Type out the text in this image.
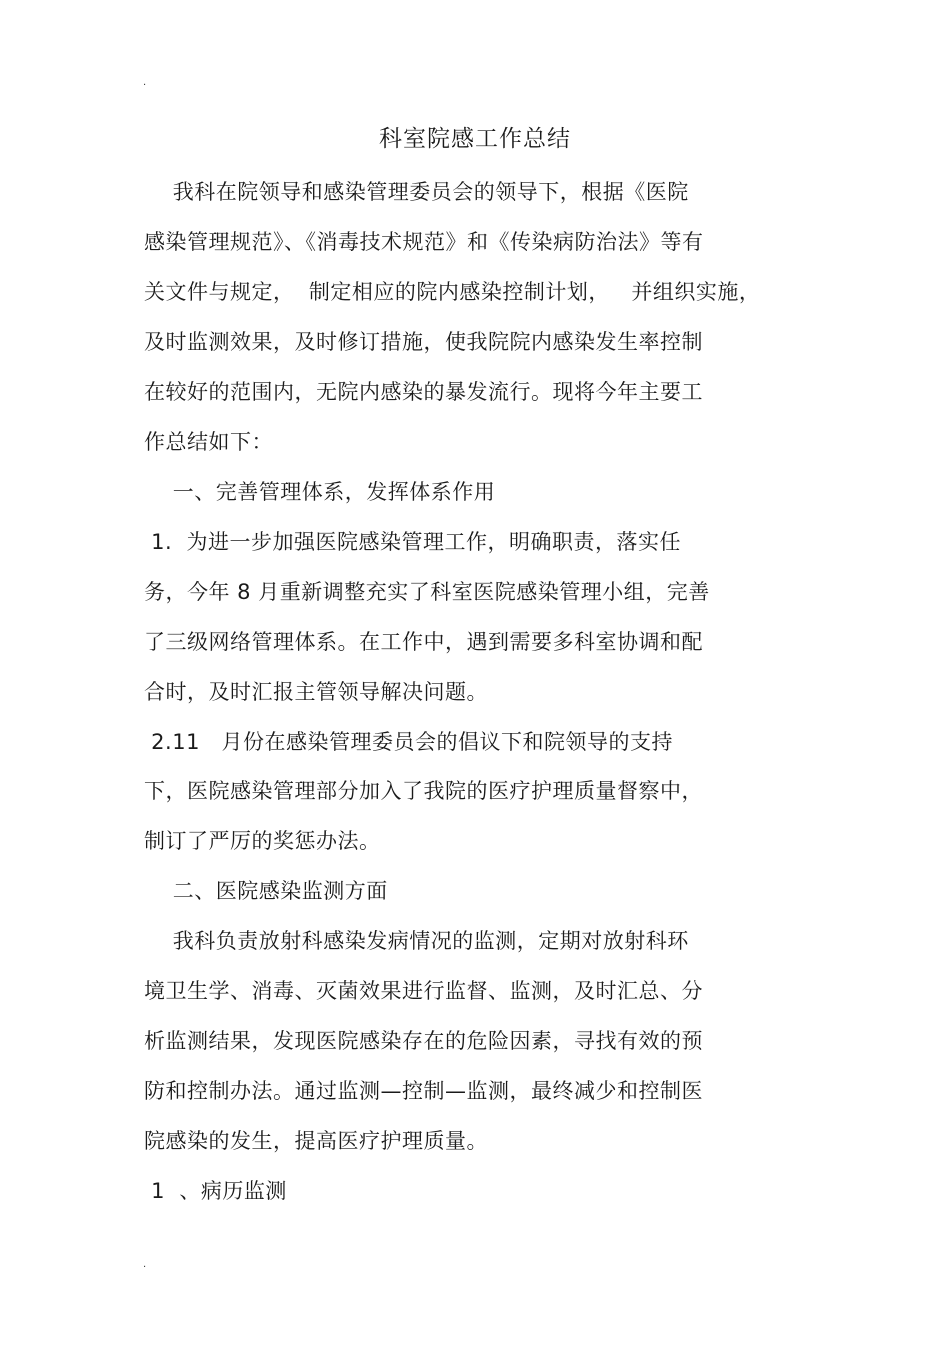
.
科室院感工作总结
我科在院领导和感染管理委员会的领导下，根据《医院
感染管理规范》、《消毒技术规范》和《传染病防治法》等有
关文件与规定，  制定相应的院内感染控制计划，   并组织实施，
及时监测效果，及时修订措施，使我院院内感染发生率控制
在较好的范围内，无院内感染的暴发流行。现将今年主要工
作总结如下：
一、完善管理体系，发挥体系作用
1.  为进一步加强医院感染管理工作，明确职责，落实任
务，今年 8 月重新调整充实了科室医院感染管理小组，完善
了三级网络管理体系。在工作中，遇到需要多科室协调和配
合时，及时汇报主管领导解决问题。
2.11   月份在感染管理委员会的倡议下和院领导的支持
下，医院感染管理部分加入了我院的医疗护理质量督察中，
制订了严厉的奖惩办法。
二、医院感染监测方面
我科负责放射科感染发病情况的监测，定期对放射科环
境卫生学、消毒、灭菌效果进行监督、监测，及时汇总、分
析监测结果，发现医院感染存在的危险因素，寻找有效的预
防和控制办法。通过监测—控制—监测，最终减少和控制医
院感染的发生，提高医疗护理质量。
1  、病历监测
.
